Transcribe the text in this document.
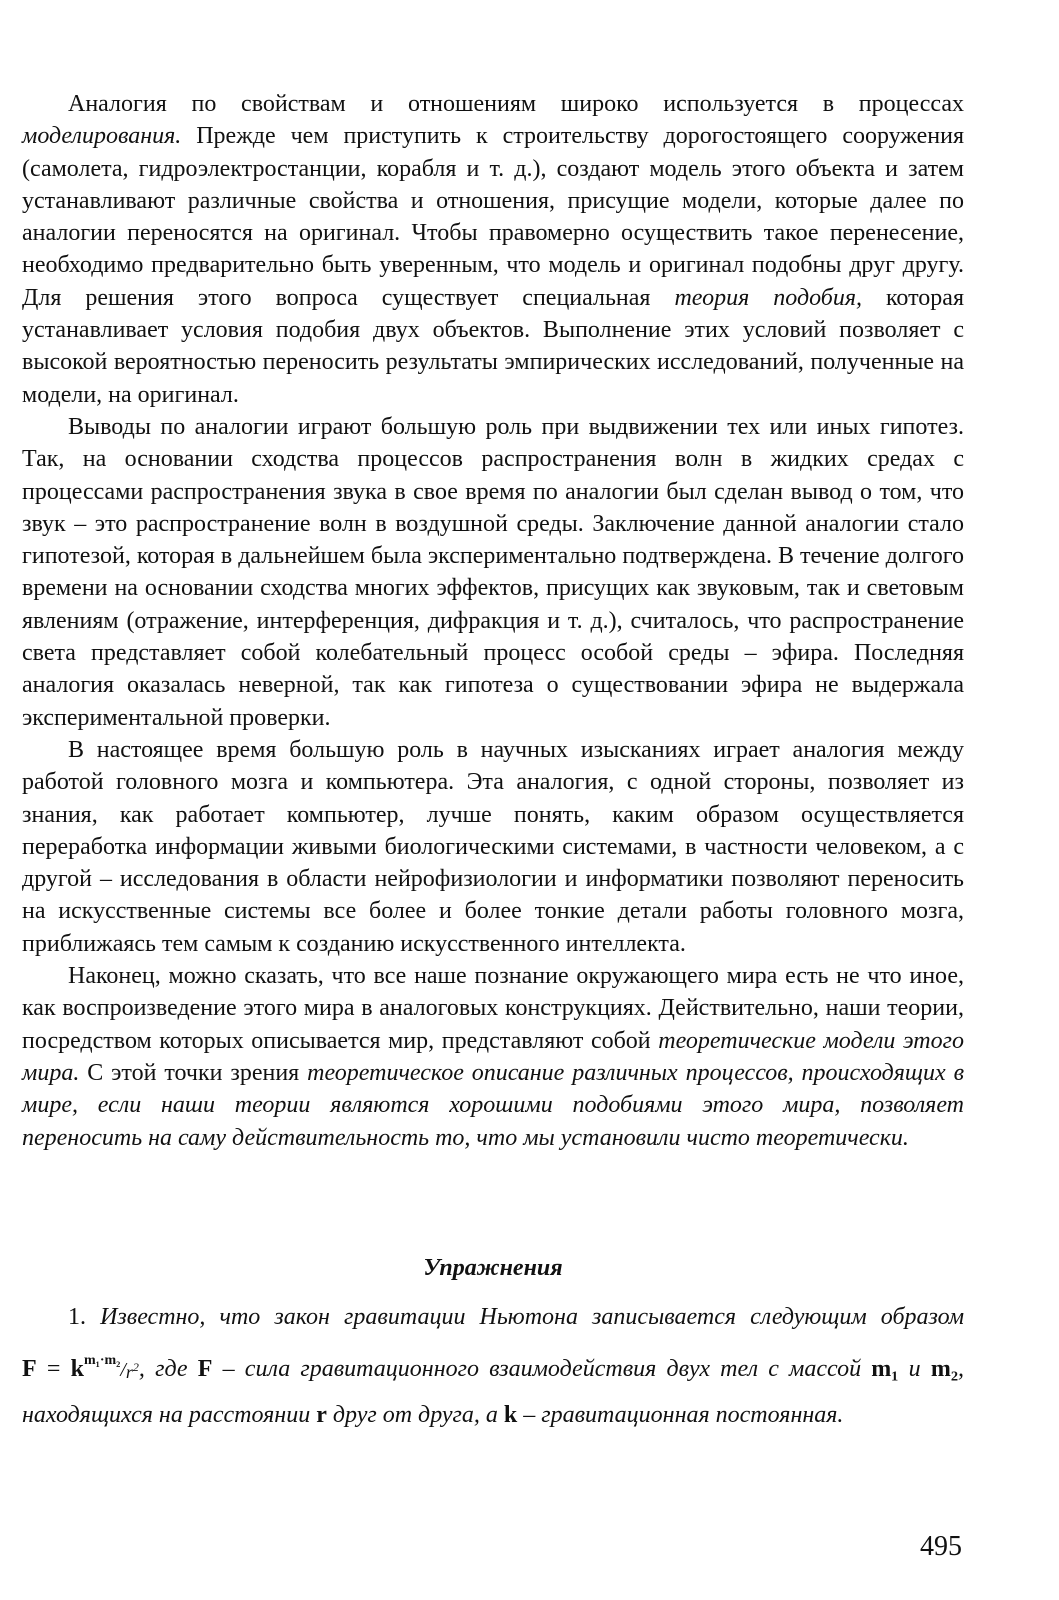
Аналогия по свойствам и отношениям широко используется в процессах моделирования. Прежде чем приступить к строительству дорогостоящего сооружения (самолета, гидроэлектростанции, корабля и т. д.), создают модель этого объекта и затем устанавливают различные свойства и отношения, присущие модели, которые далее по аналогии переносятся на оригинал. Чтобы правомерно осуществить такое перенесение, необходимо предварительно быть уверенным, что модель и оригинал подобны друг другу. Для решения этого вопроса существует специальная теория подобия, которая устанавливает условия подобия двух объектов. Выполнение этих условий позволяет с высокой вероятностью переносить результаты эмпирических исследований, полученные на модели, на оригинал.

Выводы по аналогии играют большую роль при выдвижении тех или иных гипотез. Так, на основании сходства процессов распространения волн в жидких средах с процессами распространения звука в свое время по аналогии был сделан вывод о том, что звук – это распространение волн в воздушной среды. Заключение данной аналогии стало гипотезой, которая в дальнейшем была экспериментально подтверждена. В течение долгого времени на основании сходства многих эффектов, присущих как звуковым, так и световым явлениям (отражение, интерференция, дифракция и т. д.), считалось, что распространение света представляет собой колебательный процесс особой среды – эфира. Последняя аналогия оказалась неверной, так как гипотеза о существовании эфира не выдержала экспериментальной проверки.

В настоящее время большую роль в научных изысканиях играет аналогия между работой головного мозга и компьютера. Эта аналогия, с одной стороны, позволяет из знания, как работает компьютер, лучше понять, каким образом осуществляется переработка информации живыми биологическими системами, в частности человеком, а с другой – исследования в области нейрофизиологии и информатики позволяют переносить на искусственные системы все более и более тонкие детали работы головного мозга, приближаясь тем самым к созданию искусственного интеллекта.

Наконец, можно сказать, что все наше познание окружающего мира есть не что иное, как воспроизведение этого мира в аналоговых конструкциях. Действительно, наши теории, посредством которых описывается мир, представляют собой теоретические модели этого мира. С этой точки зрения теоретическое описание различных процессов, происходящих в мире, если наши теории являются хорошими подобиями этого мира, позволяет переносить на саму действительность то, что мы установили чисто теоретически.

Упражнения

1. Известно, что закон гравитации Ньютона записывается следующим образом $F = k^{m_1\cdot m_2}/r^2$, где F – сила гравитационного взаимодействия двух тел с массой m₁ и m₂, находящихся на расстоянии r друг от друга, а k – гравитационная постоянная.

495
